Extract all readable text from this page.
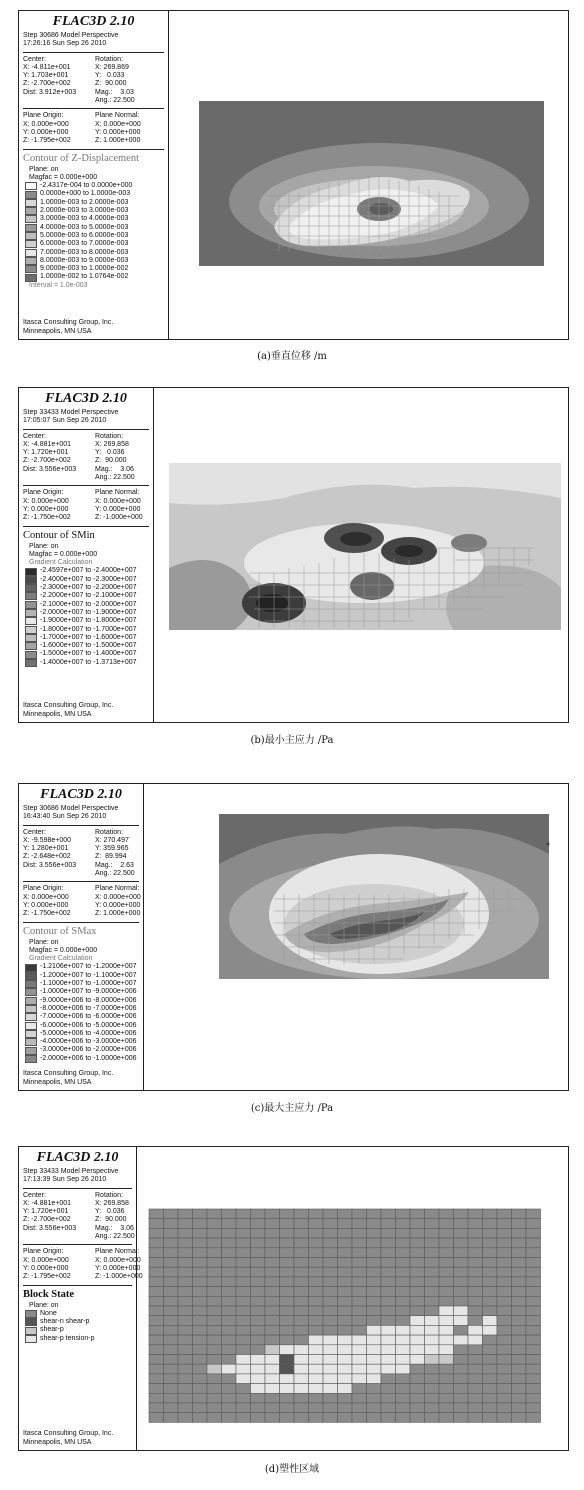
FLAC3D 2.10
Step 30686 Model Perspective
17:26:16 Sun Sep 26 2010
Center:
X: -4.811e+001
Y: 1.703e+001
Z: -2.700e+002
Dist: 3.912e+003
Rotation:
X: 269.869
Y:   0.033
Z:  90.000
Mag.:    3.03
Ang.: 22.500
Plane Origin:
X: 0.000e+000
Y: 0.000e+000
Z: -1.795e+002
Plane Normal:
X: 0.000e+000
Y: 0.000e+000
Z: 1.000e+000
Contour of Z-Displacement
Plane: on
Magfac = 0.000e+000
-2.4317e-004 to 0.0000e+000
0.0000e+000 to 1.0000e-003
1.0000e-003 to 2.0000e-003
2.0000e-003 to 3.0000e-003
3.0000e-003 to 4.0000e-003
4.0000e-003 to 5.0000e-003
5.0000e-003 to 6.0000e-003
6.0000e-003 to 7.0000e-003
7.0000e-003 to 8.0000e-003
8.0000e-003 to 9.0000e-003
9.0000e-003 to 1.0000e-002
1.0000e-002 to 1.0764e-002
Interval = 1.0e-003
Itasca Consulting Group, Inc.
Minneapolis, MN USA
(a)垂直位移 /m
FLAC3D 2.10
Step 33433 Model Perspective
17:05:07 Sun Sep 26 2010
Center:
X: -4.881e+001
Y: 1.720e+001
Z: -2.700e+002
Dist: 3.556e+003
Rotation:
X: 269.858
Y:   0.036
Z:  90.000
Mag.:    3.06
Ang.: 22.500
Plane Origin:
X: 0.000e+000
Y: 0.000e+000
Z: -1.750e+002
Plane Normal:
X: 0.000e+000
Y: 0.000e+000
Z: -1.000e+000
Contour of SMin
Plane: on
Magfac = 0.000e+000
Gradient Calculation
-2.4597e+007 to -2.4000e+007
-2.4000e+007 to -2.3000e+007
-2.3000e+007 to -2.2000e+007
-2.2000e+007 to -2.1000e+007
-2.1000e+007 to -2.0000e+007
-2.0000e+007 to -1.9000e+007
-1.9000e+007 to -1.8000e+007
-1.8000e+007 to -1.7000e+007
-1.7000e+007 to -1.6000e+007
-1.6000e+007 to -1.5000e+007
-1.5000e+007 to -1.4000e+007
-1.4000e+007 to -1.3713e+007
Itasca Consulting Group, Inc.
Minneapolis, MN USA
(b)最小主应力 /Pa
FLAC3D 2.10
Step 30686 Model Perspective
16:43:40 Sun Sep 26 2010
Center:
X: -9.598e+000
Y: 1.280e+001
Z: -2.648e+002
Dist: 3.556e+003
Rotation:
X: 270.497
Y: 359.965
Z:  89.994
Mag.:    2.63
Ang.: 22.500
Plane Origin:
X: 0.000e+000
Y: 0.000e+000
Z: -1.750e+002
Plane Normal:
X: 0.000e+000
Y: 0.000e+000
Z: 1.000e+000
Contour of SMax
Plane: on
Magfac = 0.000e+000
Gradient Calculation
-1.2106e+007 to -1.2000e+007
-1.2000e+007 to -1.1000e+007
-1.1000e+007 to -1.0000e+007
-1.0000e+007 to -9.0000e+006
-9.0000e+006 to -8.0000e+006
-8.0000e+006 to -7.0000e+006
-7.0000e+006 to -6.0000e+006
-6.0000e+006 to -5.0000e+006
-5.0000e+006 to -4.0000e+006
-4.0000e+006 to -3.0000e+006
-3.0000e+006 to -2.0000e+006
-2.0000e+006 to -1.0000e+006
Itasca Consulting Group, Inc.
Minneapolis, MN USA
(c)最大主应力 /Pa
FLAC3D 2.10
Step 33433 Model Perspective
17:13:39 Sun Sep 26 2010
Center:
X: -4.881e+001
Y: 1.720e+001
Z: -2.700e+002
Dist: 3.556e+003
Rotation:
X: 269.858
Y:   0.036
Z:  90.000
Mag.:    3.06
Ang.: 22.500
Plane Origin:
X: 0.000e+000
Y: 0.000e+000
Z: -1.795e+002
Plane Normal:
X: 0.000e+000
Y: 0.000e+000
Z: -1.000e+000
Block State
Plane: on
None
shear-n shear-p
shear-p
shear-p tension-p
Itasca Consulting Group, Inc.
Minneapolis, MN USA
(d)塑性区域
